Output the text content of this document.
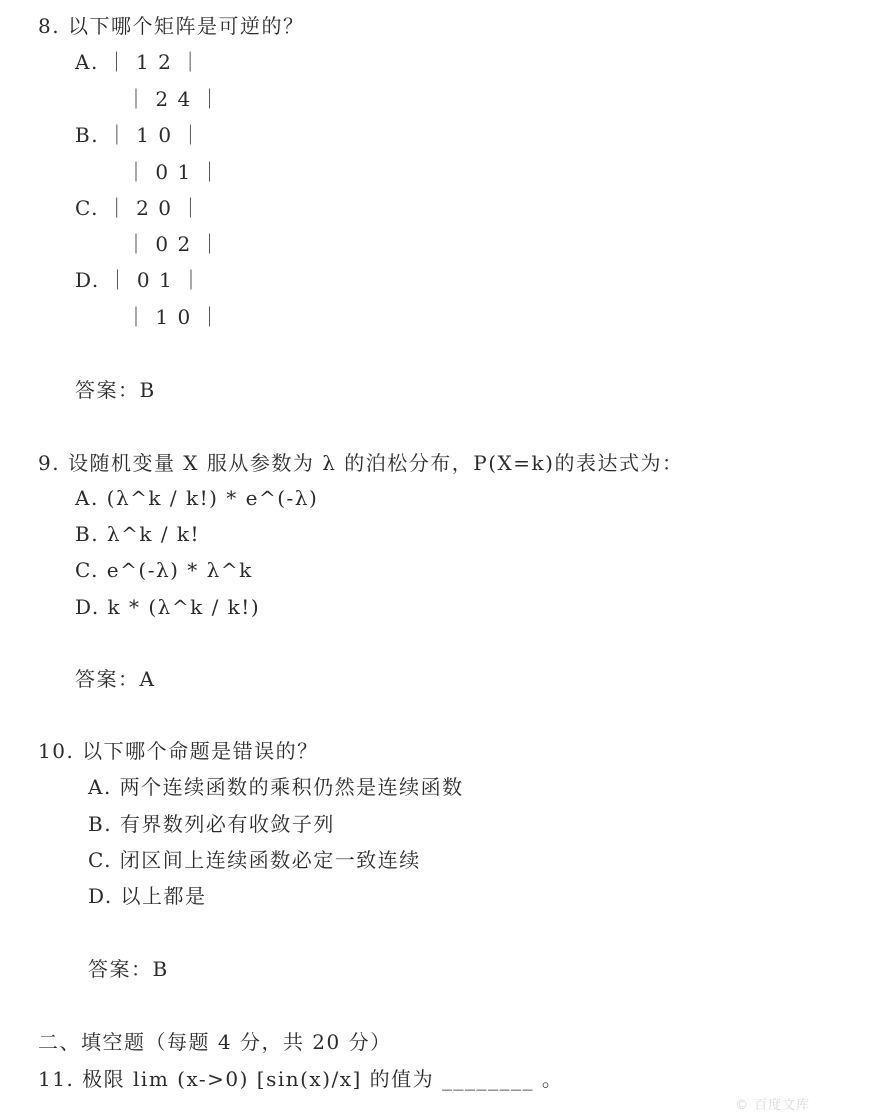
8. 以下哪个矩阵是可逆的？
A. ｜ 1 2 ｜
｜ 2 4 ｜
B. ｜ 1 0 ｜
｜ 0 1 ｜
C. ｜ 2 0 ｜
｜ 0 2 ｜
D. ｜ 0 1 ｜
｜ 1 0 ｜
答案：B
9. 设随机变量 X 服从参数为 λ 的泊松分布，P(X=k)的表达式为：
A. (λ^k / k!) * e^(-λ)
B. λ^k / k!
C. e^(-λ) * λ^k
D. k * (λ^k / k!)
答案：A
10. 以下哪个命题是错误的？
A. 两个连续函数的乘积仍然是连续函数
B. 有界数列必有收敛子列
C. 闭区间上连续函数必定一致连续
D. 以上都是
答案：B
二、填空题（每题 4 分，共 20 分）
11. 极限 lim (x->0) [sin(x)/x] 的值为 ________ 。
© 百度文库
